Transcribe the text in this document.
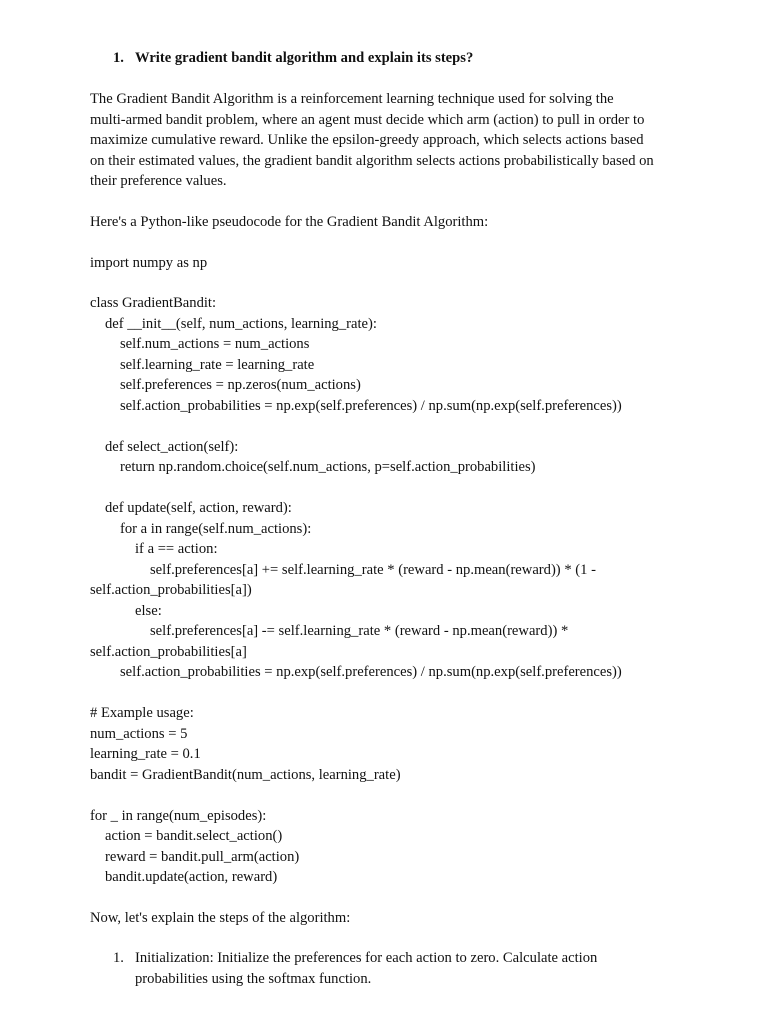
1. Write gradient bandit algorithm and explain its steps?
The Gradient Bandit Algorithm is a reinforcement learning technique used for solving the
multi-armed bandit problem, where an agent must decide which arm (action) to pull in order to
maximize cumulative reward. Unlike the epsilon-greedy approach, which selects actions based
on their estimated values, the gradient bandit algorithm selects actions probabilistically based on
their preference values.
Here's a Python-like pseudocode for the Gradient Bandit Algorithm:
import numpy as np
class GradientBandit:
def __init__(self, num_actions, learning_rate):
self.num_actions = num_actions
self.learning_rate = learning_rate
self.preferences = np.zeros(num_actions)
self.action_probabilities = np.exp(self.preferences) / np.sum(np.exp(self.preferences))
def select_action(self):
return np.random.choice(self.num_actions, p=self.action_probabilities)
def update(self, action, reward):
for a in range(self.num_actions):
if a == action:
self.preferences[a] += self.learning_rate * (reward - np.mean(reward)) * (1 -
self.action_probabilities[a])
else:
self.preferences[a] -= self.learning_rate * (reward - np.mean(reward)) *
self.action_probabilities[a]
self.action_probabilities = np.exp(self.preferences) / np.sum(np.exp(self.preferences))
# Example usage:
num_actions = 5
learning_rate = 0.1
bandit = GradientBandit(num_actions, learning_rate)
for _ in range(num_episodes):
action = bandit.select_action()
reward = bandit.pull_arm(action)
bandit.update(action, reward)
Now, let's explain the steps of the algorithm:
1. Initialization: Initialize the preferences for each action to zero. Calculate action
probabilities using the softmax function.
